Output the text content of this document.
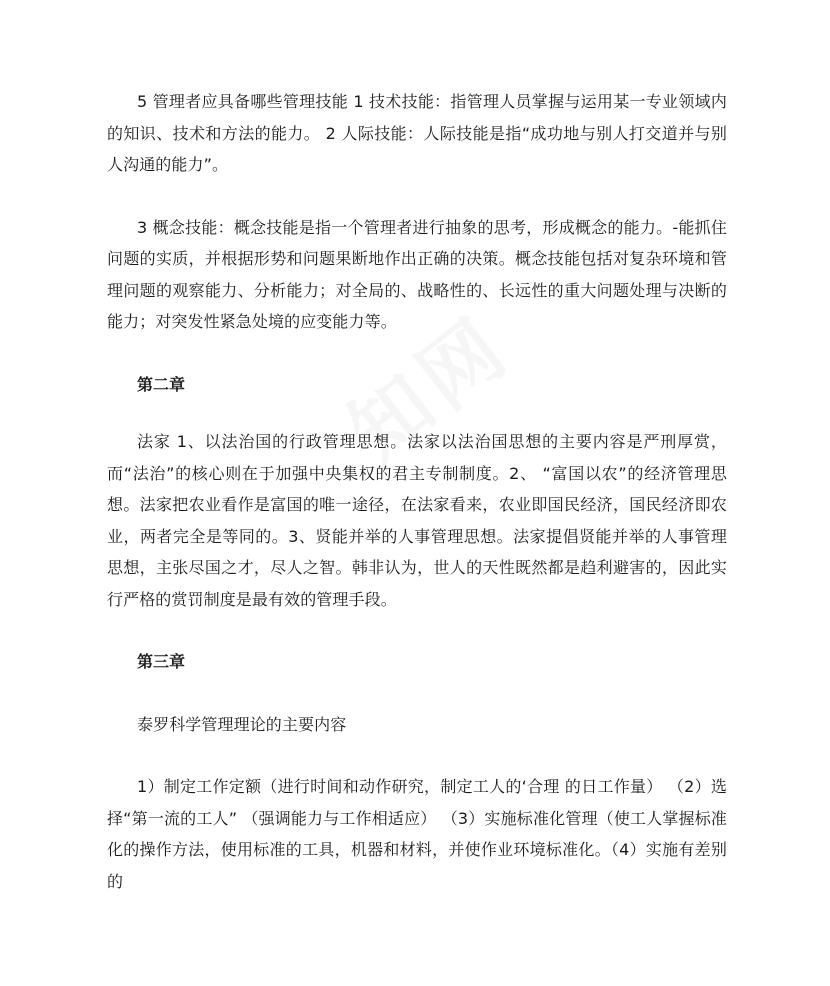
5 管理者应具备哪些管理技能 1 技术技能：指管理人员掌握与运用某一专业领域内的知识、技术和方法的能力。 2 人际技能：人际技能是指“成功地与别人打交道并与别人沟通的能力”。

3 概念技能：概念技能是指一个管理者进行抽象的思考，形成概念的能力。-能抓住问题的实质，并根据形势和问题果断地作出正确的决策。概念技能包括对复杂环境和管理问题的观察能力、分析能力；对全局的、战略性的、长远性的重大问题处理与决断的能力；对突发性紧急处境的应变能力等。

第二章

法家 1、以法治国的行政管理思想。法家以法治国思想的主要内容是严刑厚赏，而“法治”的核心则在于加强中央集权的君主专制制度。2、 “富国以农”的经济管理思想。法家把农业看作是富国的唯一途径，在法家看来，农业即国民经济，国民经济即农业，两者完全是等同的。3、贤能并举的人事管理思想。法家提倡贤能并举的人事管理思想，主张尽国之才，尽人之智。韩非认为，世人的天性既然都是趋利避害的，因此实行严格的赏罚制度是最有效的管理手段。

第三章

泰罗科学管理理论的主要内容

1）制定工作定额（进行时间和动作研究，制定工人的‘合理 的日工作量） （2）选择“第一流的工人” （强调能力与工作相适应） （3）实施标准化管理（使工人掌握标准化的操作方法，使用标准的工具，机器和材料，并使作业环境标准化。（4）实施有差别的
